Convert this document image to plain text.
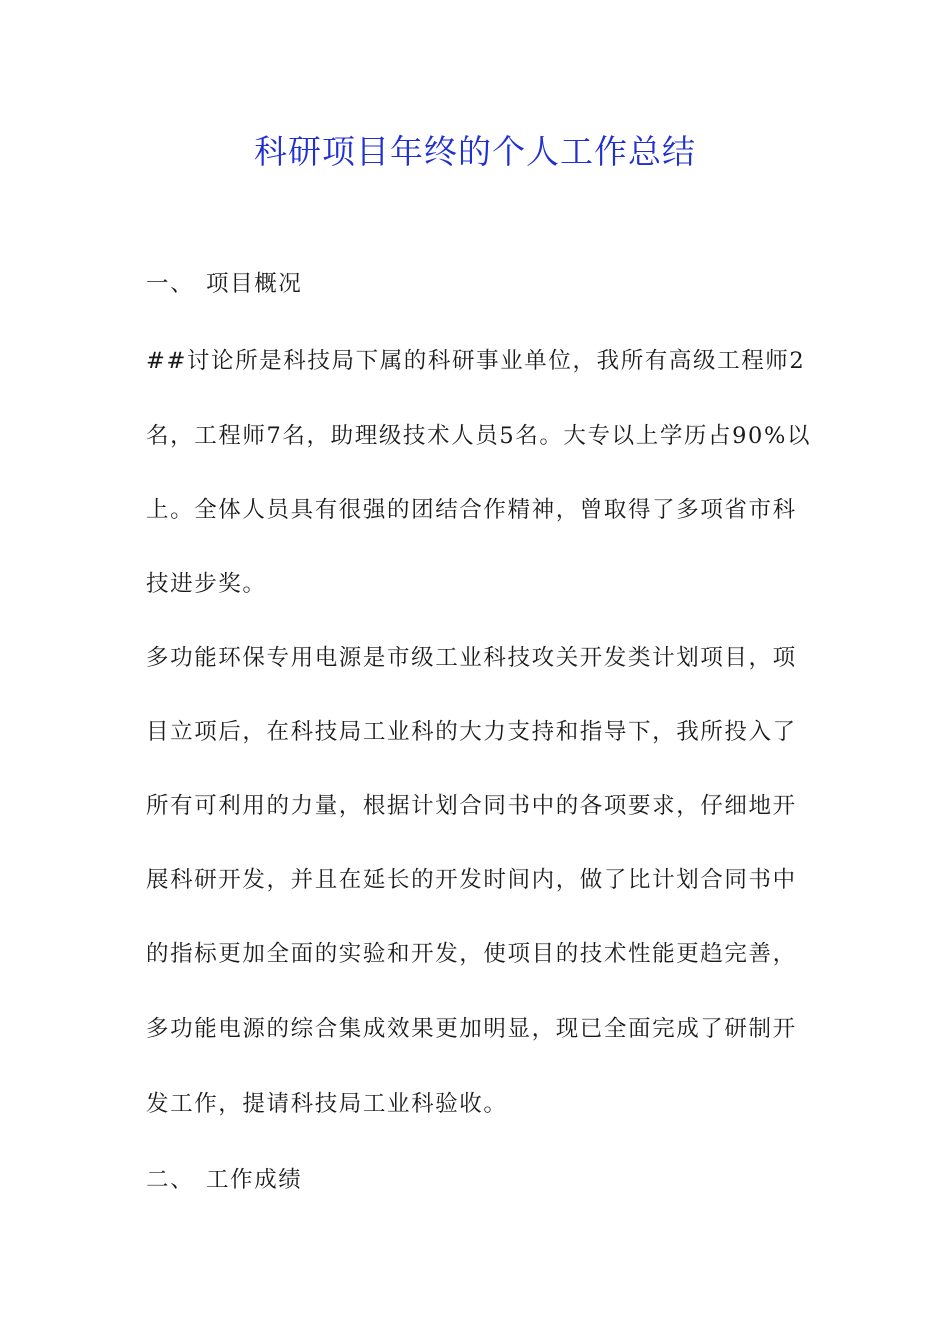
科研项目年终的个人工作总结
一、 项目概况
##讨论所是科技局下属的科研事业单位，我所有高级工程师2
名，工程师7名，助理级技术人员5名。大专以上学历占90%以
上。全体人员具有很强的团结合作精神，曾取得了多项省市科
技进步奖。
多功能环保专用电源是市级工业科技攻关开发类计划项目，项
目立项后，在科技局工业科的大力支持和指导下，我所投入了
所有可利用的力量，根据计划合同书中的各项要求，仔细地开
展科研开发，并且在延长的开发时间内，做了比计划合同书中
的指标更加全面的实验和开发，使项目的技术性能更趋完善，
多功能电源的综合集成效果更加明显，现已全面完成了研制开
发工作，提请科技局工业科验收。
二、 工作成绩
